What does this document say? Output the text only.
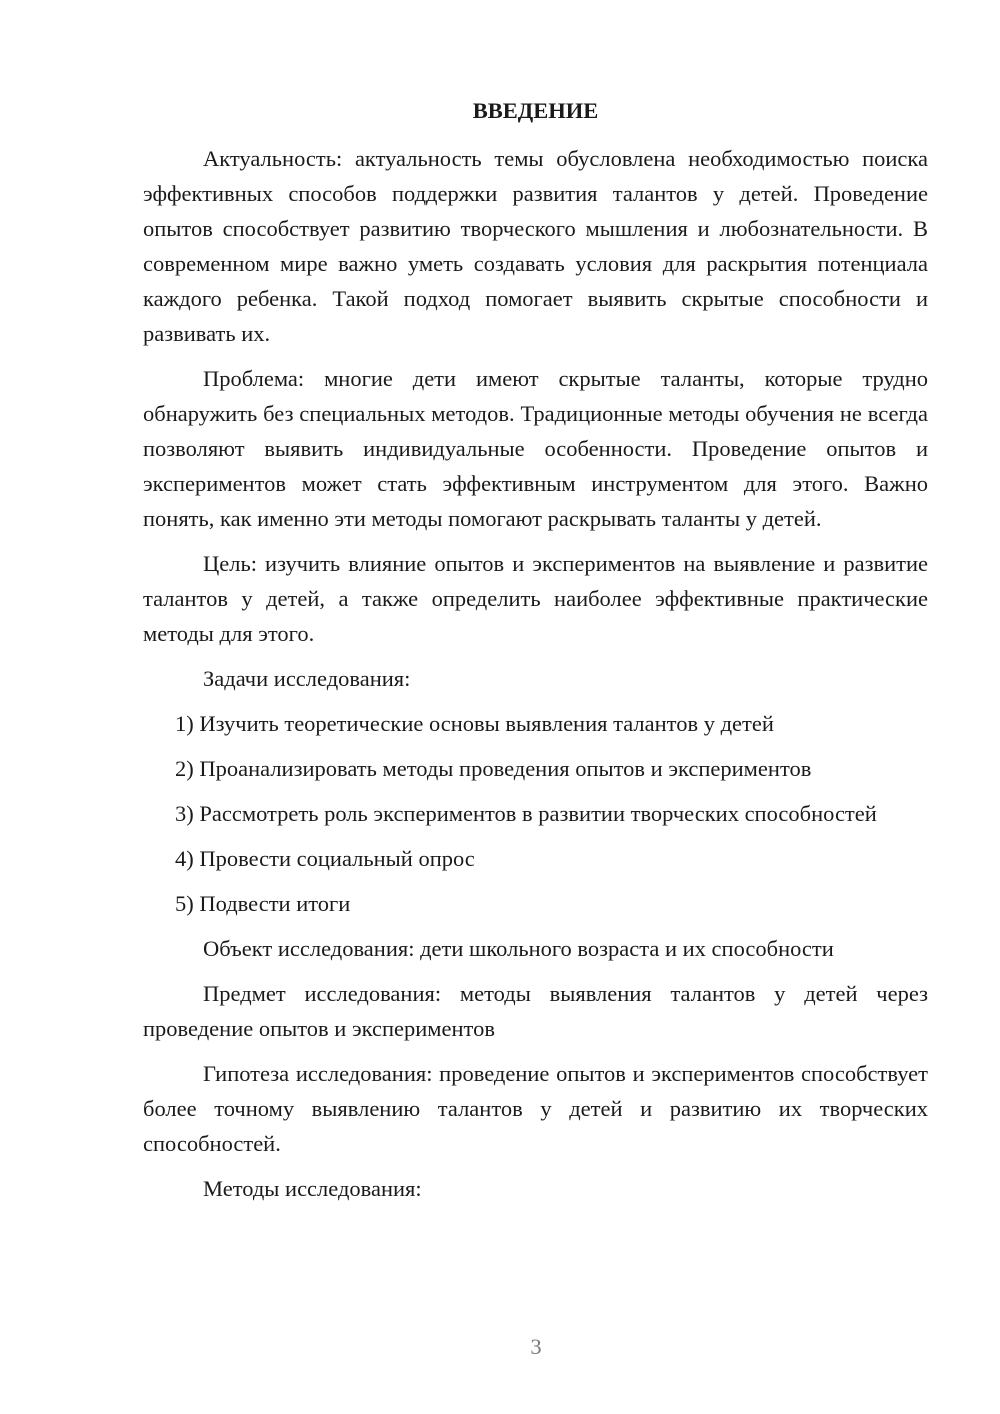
ВВЕДЕНИЕ

Актуальность: актуальность темы обусловлена необходимостью поиска эффективных способов поддержки развития талантов у детей. Проведение опытов способствует развитию творческого мышления и любознательности. В современном мире важно уметь создавать условия для раскрытия потенциала каждого ребенка. Такой подход помогает выявить скрытые способности и развивать их.

Проблема: многие дети имеют скрытые таланты, которые трудно обнаружить без специальных методов. Традиционные методы обучения не всегда позволяют выявить индивидуальные особенности. Проведение опытов и экспериментов может стать эффективным инструментом для этого. Важно понять, как именно эти методы помогают раскрывать таланты у детей.

Цель: изучить влияние опытов и экспериментов на выявление и развитие талантов у детей, а также определить наиболее эффективные практические методы для этого.

Задачи исследования:
1) Изучить теоретические основы выявления талантов у детей
2) Проанализировать методы проведения опытов и экспериментов
3) Рассмотреть роль экспериментов в развитии творческих способностей
4) Провести социальный опрос
5) Подвести итоги
Объект исследования: дети школьного возраста и их способности

Предмет исследования: методы выявления талантов у детей через проведение опытов и экспериментов

Гипотеза исследования: проведение опытов и экспериментов способствует более точному выявлению талантов у детей и развитию их творческих способностей.

Методы исследования:
3
